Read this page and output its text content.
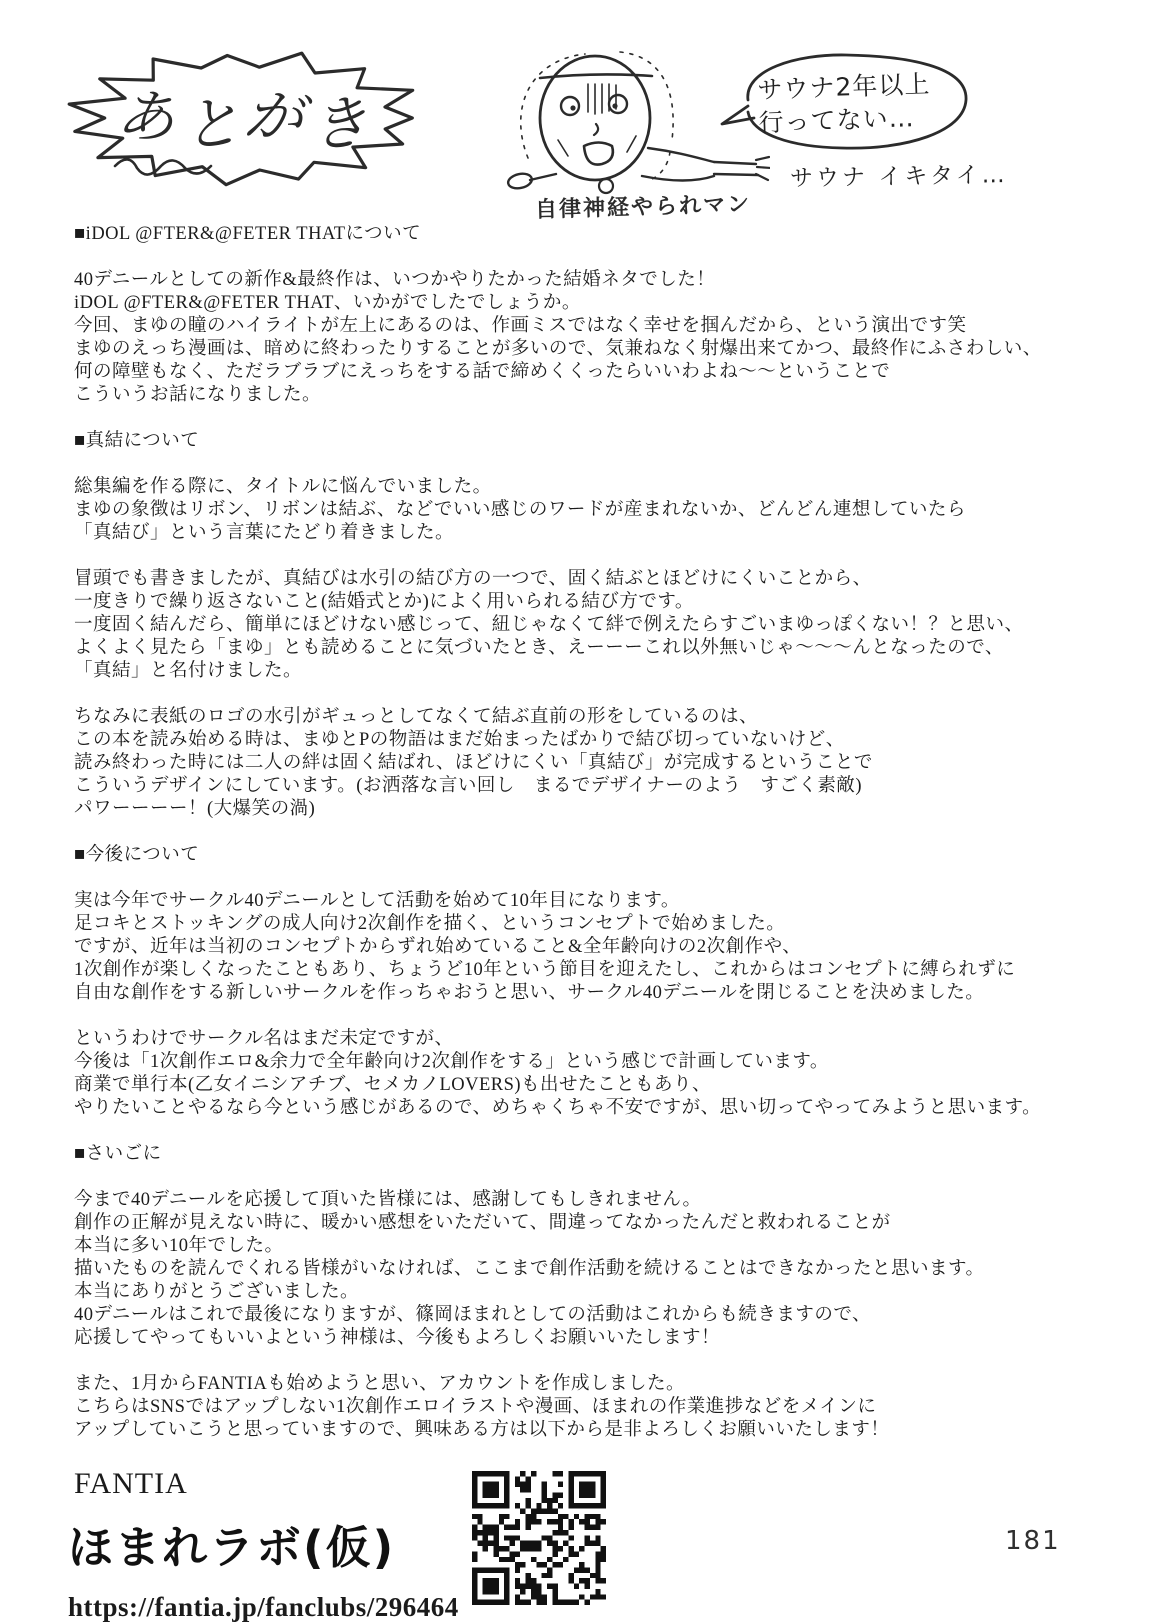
あとがき	サウナ2年以上
行ってない…
サウナ イキタイ…
自律神経やられマン
■iDOL @FTER&@FETER THATについて
40デニールとしての新作&最終作は、いつかやりたかった結婚ネタでした！
iDOL @FTER&@FETER THAT、いかがでしたでしょうか。
今回、まゆの瞳のハイライトが左上にあるのは、作画ミスではなく幸せを掴んだから、という演出です笑
まゆのえっち漫画は、暗めに終わったりすることが多いので、気兼ねなく射爆出来てかつ、最終作にふさわしい、
何の障壁もなく、ただラブラブにえっちをする話で締めくくったらいいわよね～～ということで
こういうお話になりました。
■真結について
総集編を作る際に、タイトルに悩んでいました。
まゆの象徴はリボン、リボンは結ぶ、などでいい感じのワードが産まれないか、どんどん連想していたら
「真結び」という言葉にたどり着きました。
冒頭でも書きましたが、真結びは水引の結び方の一つで、固く結ぶとほどけにくいことから、
一度きりで繰り返さないこと(結婚式とか)によく用いられる結び方です。
一度固く結んだら、簡単にほどけない感じって、紐じゃなくて絆で例えたらすごいまゆっぽくない！？と思い、
よくよく見たら「まゆ」とも読めることに気づいたとき、えーーーこれ以外無いじゃ～～～んとなったので、
「真結」と名付けました。
ちなみに表紙のロゴの水引がギュっとしてなくて結ぶ直前の形をしているのは、
この本を読み始める時は、まゆとPの物語はまだ始まったばかりで結び切っていないけど、
読み終わった時には二人の絆は固く結ばれ、ほどけにくい「真結び」が完成するということで
こういうデザインにしています。(お洒落な言い回し　まるでデザイナーのよう　すごく素敵)
パワーーーー！(大爆笑の渦)
■今後について
実は今年でサークル40デニールとして活動を始めて10年目になります。
足コキとストッキングの成人向け2次創作を描く、というコンセプトで始めました。
ですが、近年は当初のコンセプトからずれ始めていること&全年齢向けの2次創作や、
1次創作が楽しくなったこともあり、ちょうど10年という節目を迎えたし、これからはコンセプトに縛られずに
自由な創作をする新しいサークルを作っちゃおうと思い、サークル40デニールを閉じることを決めました。
というわけでサークル名はまだ未定ですが、
今後は「1次創作エロ&余力で全年齢向け2次創作をする」という感じで計画しています。
商業で単行本(乙女イニシアチブ、セメカノLOVERS)も出せたこともあり、
やりたいことやるなら今という感じがあるので、めちゃくちゃ不安ですが、思い切ってやってみようと思います。
■さいごに
今まで40デニールを応援して頂いた皆様には、感謝してもしきれません。
創作の正解が見えない時に、暖かい感想をいただいて、間違ってなかったんだと救われることが
本当に多い10年でした。
描いたものを読んでくれる皆様がいなければ、ここまで創作活動を続けることはできなかったと思います。
本当にありがとうございました。
40デニールはこれで最後になりますが、篠岡ほまれとしての活動はこれからも続きますので、
応援してやってもいいよという神様は、今後もよろしくお願いいたします！
また、1月からFANTIAも始めようと思い、アカウントを作成しました。
こちらはSNSではアップしない1次創作エロイラストや漫画、ほまれの作業進捗などをメインに
アップしていこうと思っていますので、興味ある方は以下から是非よろしくお願いいたします！
FANTIA
ほまれラボ(仮)
https://fantia.jp/fanclubs/296464
181
